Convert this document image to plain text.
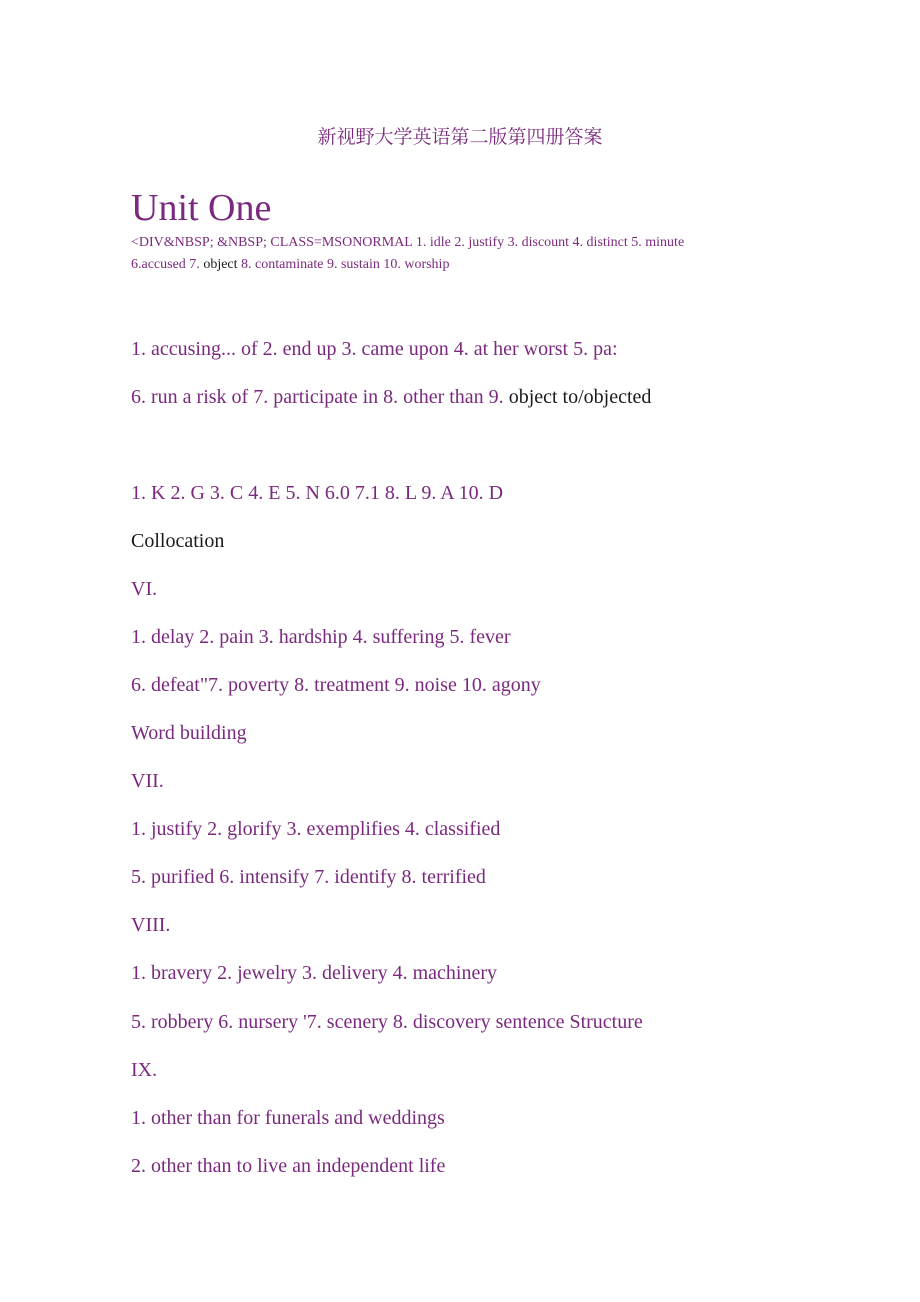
新视野大学英语第二版第四册答案
Unit One
<DIV&NBSP; &NBSP; CLASS=MSONORMAL 1. idle 2. justify 3. discount 4. distinct 5. minute
6.accused 7. object 8. contaminate 9. sustain 10. worship
1. accusing... of 2. end up 3. came upon 4. at her worst 5. pa:
6. run a risk of 7. participate in 8. other than 9. object to/objected
1. K 2. G 3. C 4. E 5. N 6.0 7.1 8. L 9. A 10. D
Collocation
VI.
1. delay 2. pain 3. hardship 4. suffering 5. fever
6. defeat"7. poverty 8. treatment 9. noise 10. agony
Word building
VII.
1. justify 2. glorify 3. exemplifies 4. classified
5. purified 6. intensify 7. identify 8. terrified
VIII.
1. bravery 2. jewelry 3. delivery 4. machinery
5. robbery 6. nursery '7. scenery 8. discovery sentence Structure
IX.
1. other than for funerals and weddings
2. other than to live an independent life
